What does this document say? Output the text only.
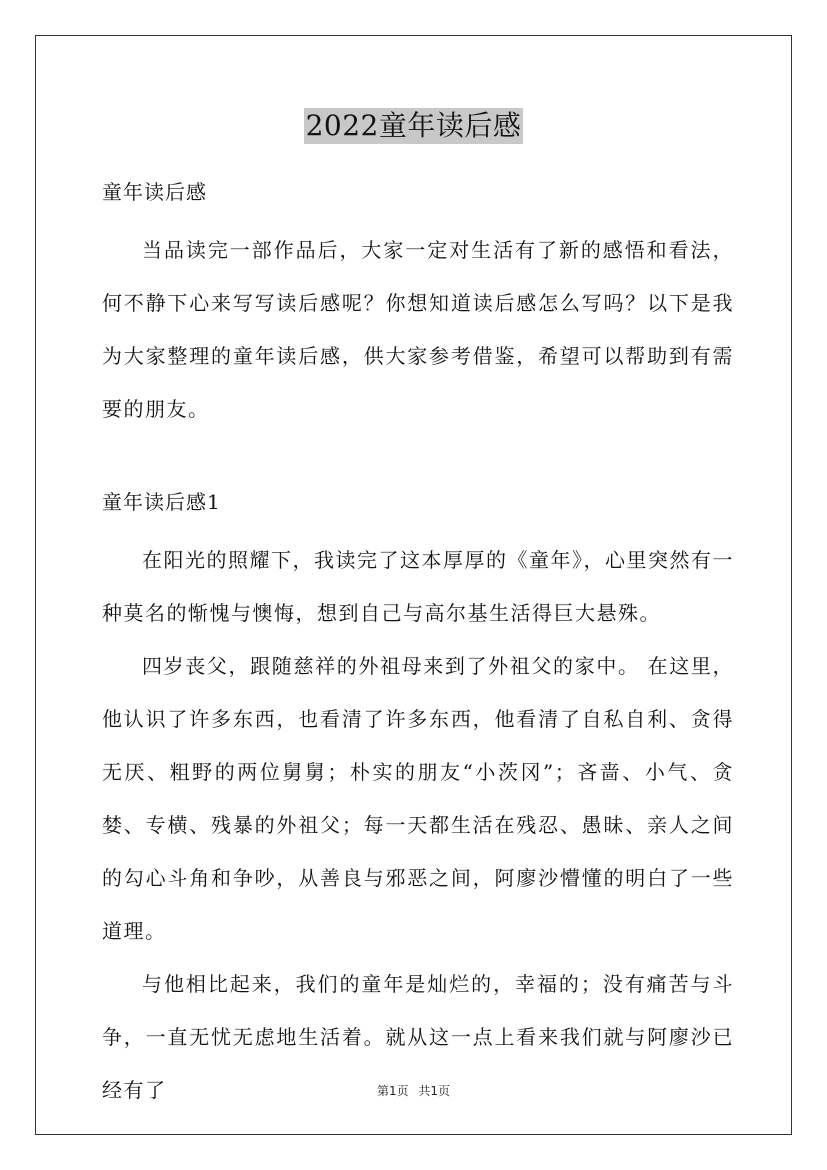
2022童年读后感

童年读后感

当品读完一部作品后，大家一定对生活有了新的感悟和看法，何不静下心来写写读后感呢？你想知道读后感怎么写吗？以下是我为大家整理的童年读后感，供大家参考借鉴，希望可以帮助到有需要的朋友。

童年读后感1

在阳光的照耀下，我读完了这本厚厚的《童年》，心里突然有一种莫名的惭愧与懊悔，想到自己与高尔基生活得巨大悬殊。

四岁丧父，跟随慈祥的外祖母来到了外祖父的家中。 在这里，他认识了许多东西，也看清了许多东西，他看清了自私自利、贪得无厌、粗野的两位舅舅；朴实的朋友“小茨冈”；吝啬、小气、贪婪、专横、残暴的外祖父；每一天都生活在残忍、愚昧、亲人之间的勾心斗角和争吵，从善良与邪恶之间，阿廖沙懵懂的明白了一些道理。

与他相比起来，我们的童年是灿烂的，幸福的；没有痛苦与斗争，一直无忧无虑地生活着。就从这一点上看来我们就与阿廖沙已经有了	第1页 共1页
